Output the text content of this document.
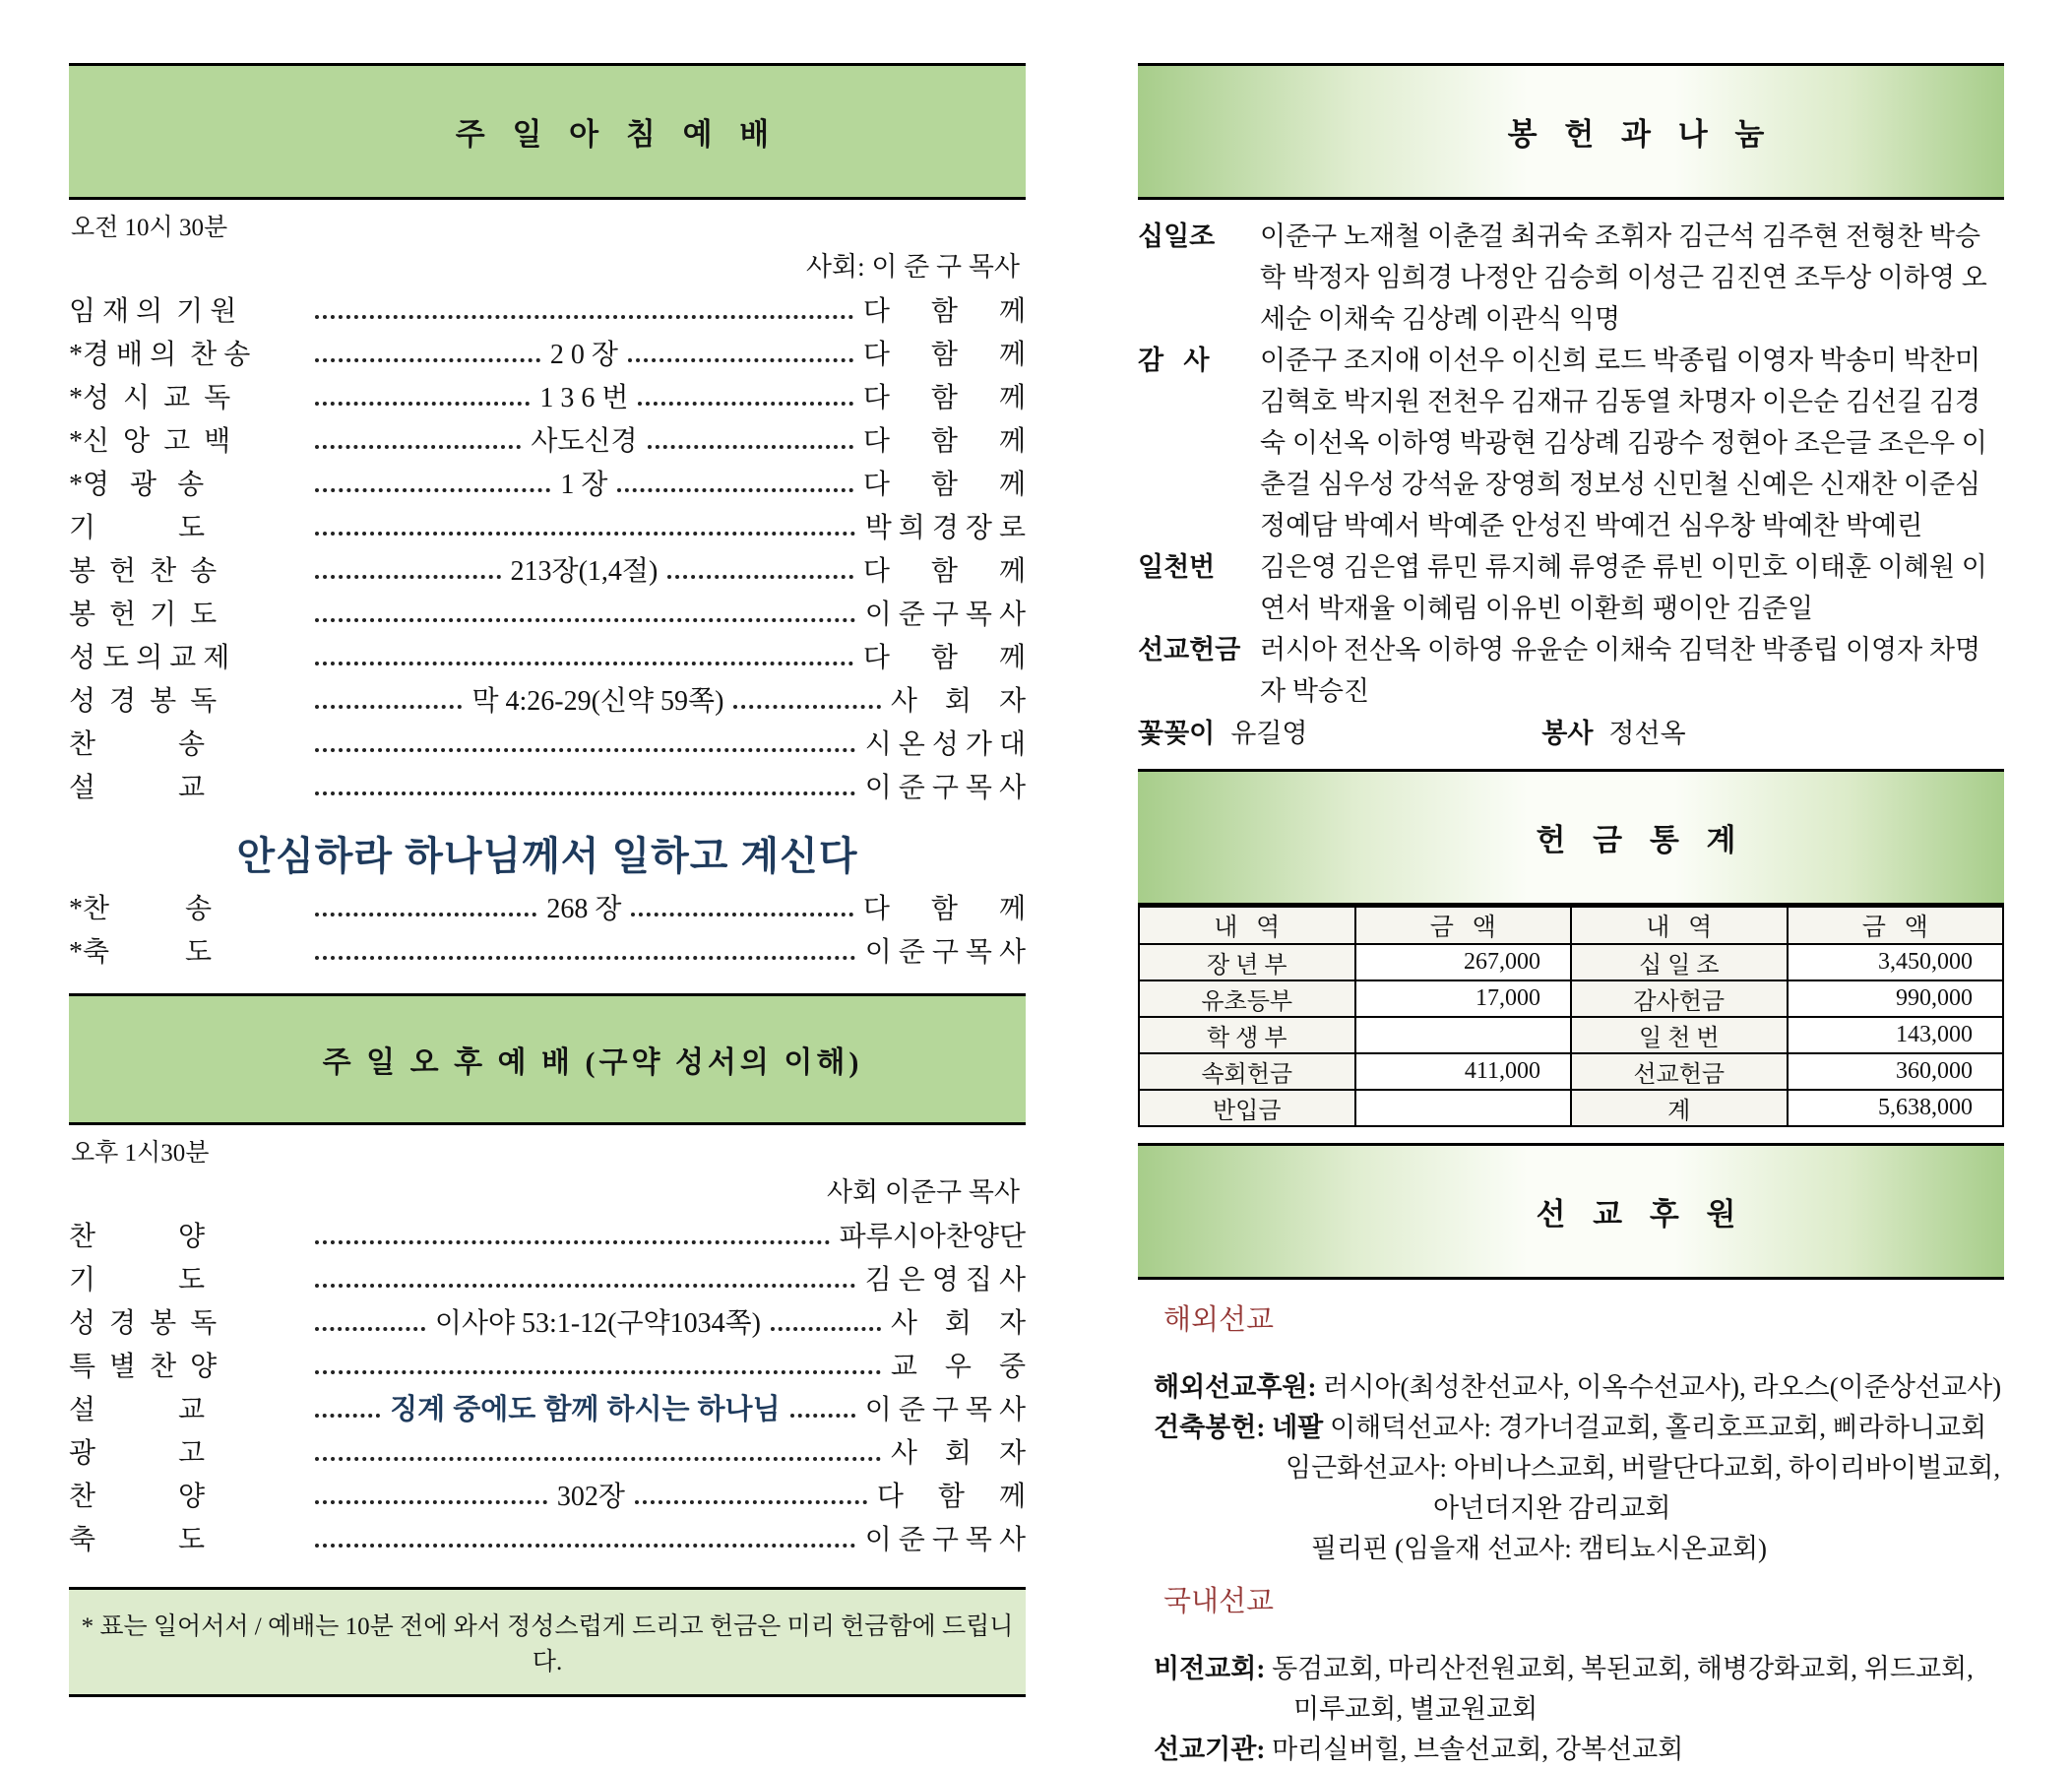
주 일 아 침 예 배

오전 10시 30분
사회: 이 준 구 목사
임 재 의  기 원	다      함      께
*경 배 의  찬 송	2 0 장	다      함      께
*성  시  교  독	1 3 6 번	다      함      께
*신  앙  고  백	사도신경	다      함      께
*영   광   송	1 장	다      함      께
기            도	박 희 경 장 로
봉  헌  찬  송	213장(1,4절)	다      함      께
봉  헌  기  도	이 준 구 목 사
성 도 의 교 제	다      함      께
성  경  봉  독	막 4:26-29(신약 59쪽)	사    회    자
찬            송	시 온 성 가 대
설            교	이 준 구 목 사
안심하라 하나님께서 일하고 계신다
*찬           송	268 장	다      함      께
*축           도	이 준 구 목 사

주 일 오 후 예 배 (구약 성서의 이해)

오후 1시30분
사회 이준구 목사
찬            양	파루시아찬양단
기            도	김 은 영 집 사
성  경  봉  독	이사야 53:1-12(구약1034쪽)	사    회    자
특  별  찬  양	교    우    중
설            교	징계 중에도 함께 하시는 하나님	이 준 구 목 사
광            고	사    회    자
찬            양	302장	다     함     께
축            도	이 준 구 목 사
* 표는 일어서서 / 예배는 10분 전에 와서 정성스럽게 드리고 헌금은 미리 헌금함에 드립니다.

봉 헌 과 나 눔

십일조	이준구 노재철 이춘걸 최귀숙 조휘자 김근석 김주현 전형찬 박승학 박정자 임희경 나정안 김승희 이성근 김진연 조두상 이하영 오세순 이채숙 김상례 이관식 익명
감   사	이준구 조지애 이선우 이신희 로드 박종립 이영자 박송미 박찬미 김혁호 박지원 전천우 김재규 김동열 차명자 이은순 김선길 김경숙 이선옥 이하영 박광현 김상례 김광수 정현아 조은글 조은우 이춘걸 심우성 강석윤 장영희 정보성 신민철 신예은 신재찬 이준심 정예담 박예서 박예준 안성진 박예건 심우창 박예찬 박예린
일천번	김은영 김은엽 류민 류지혜 류영준 류빈 이민호 이태훈 이혜원 이연서 박재율 이혜림 이유빈 이환희 팽이안 김준일
선교헌금 러시아 전산옥 이하영 유윤순 이채숙 김덕찬 박종립 이영자 차명자 박승진
꽃꽂이 유길영	봉사 정선옥

헌 금 통 계

내   역	금   액	내   역	금   액
장 년 부	267,000	십 일 조	3,450,000
유초등부	17,000	감사헌금	990,000
학 생 부		일 천 번	143,000
속회헌금	411,000	선교헌금	360,000
반입금		계	5,638,000

선 교 후 원

해외선교
해외선교후원: 러시아(최성찬선교사, 이옥수선교사), 라오스(이준상선교사)
건축봉헌: 네팔 이해덕선교사: 경가너걸교회, 홀리호프교회, 삐라하니교회
임근화선교사: 아비나스교회, 버랄단다교회, 하이리바이벌교회,
아넌더지완 감리교회
필리핀 (임을재 선교사: 캠티뇨시온교회)
국내선교
비전교회: 동검교회, 마리산전원교회, 복된교회, 해병강화교회, 위드교회,
미루교회, 별교원교회
선교기관: 마리실버힐, 브솔선교회, 강복선교회
